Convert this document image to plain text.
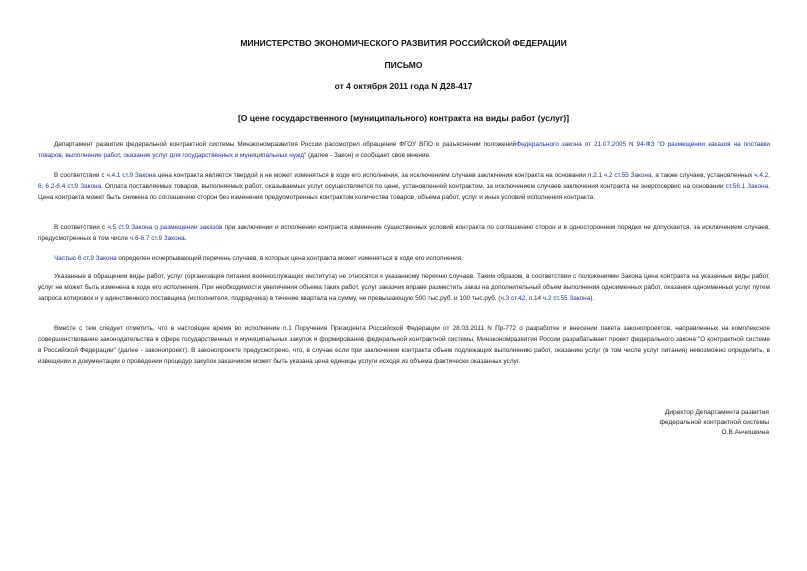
МИНИСТЕРСТВО ЭКОНОМИЧЕСКОГО РАЗВИТИЯ РОССИЙСКОЙ ФЕДЕРАЦИИ
ПИСЬМО
от 4 октября 2011 года N Д28-417
[О цене государственного (муниципального) контракта на виды работ (услуг)]
Департамент развития федеральной контрактной системы Минэкономразвития России рассмотрел обращение ФГОУ ВПО о разъяснении положенийФедерального закона от 21.07.2005 N 94-ФЗ "О размещении заказов на поставки товаров, выполнение работ, оказание услуг для государственных и муниципальных нужд" (далее - Закон) и сообщает свое мнение.
В соответствии с ч.4.1 ст.9 Закона цена контракта является твердой и не может изменяться в ходе его исполнения, за исключением случаев заключения контракта на основании п.2.1 ч.2 ст.55 Закона, а также случаев, установленных ч.4.2, 6, 6.2-6.4 ст.9 Закона. Оплата поставляемых товаров, выполняемых работ, оказываемых услуг осуществляется по цене, установленной контрактом, за исключением случаев заключения контракта на энергосервис на основании ст.56.1 Закона. Цена контракта может быть снижена по соглашению сторон без изменения предусмотренных контрактом количества товаров, объема работ, услуг и иных условий исполнения контракта.
В соответствии с ч.5 ст.9 Закона о размещении заказов при заключении и исполнении контракта изменение существенных условий контракта по соглашению сторон и в одностороннем порядке не допускается, за исключением случаев, предусмотренных в том числе ч.6-6.7 ст.9 Закона.
Частью 6 ст.9 Закона определен исчерпывающий перечень случаев, в которых цена контракта может изменяться в ходе его исполнения.
Указанные в обращении виды работ, услуг (организация питания военнослужащих института) не относятся к указанному перечню случаев. Таким образом, в соответствии с положениями Закона цена контракта на указанные виды работ, услуг не может быть изменена в ходе его исполнения. При необходимости увеличения объема таких работ, услуг заказчик вправе разместить заказ на дополнительный объем выполнения одноименных работ, оказания одноименных услуг путем запроса котировок и у единственного поставщика (исполнителя, подрядчика) в течение квартала на сумму, не превышающую 500 тыс.руб. и 100 тыс.руб. (ч.3 ст.42, п.14 ч.2 ст.55 Закона).
Вместе с тем следует отметить, что в настоящее время во исполнение п.1 Поручения Президента Российской Федерации от 28.03.2011 N Пр-772 о разработке и внесении пакета законопроектов, направленных на комплексное совершенствование законодательства в сфере государственных и муниципальных закупок и формирование федеральной контрактной системы, Минэкономразвития России разрабатывает проект федерального закона "О контрактной системе в Российской Федерации" (далее - законопроект). В законопроекте предусмотрено, что, в случае если при заключении контракта объем подлежащих выполнению работ, оказанию услуг (в том числе услуг питания) невозможно определить, в извещении и документации о проведении процедур закупок заказчиком может быть указана цена единицы услуги исходя из объема фактически оказанных услуг.
Директор Департамента развития
федеральной контрактной системы
О.В.Анчишкина
